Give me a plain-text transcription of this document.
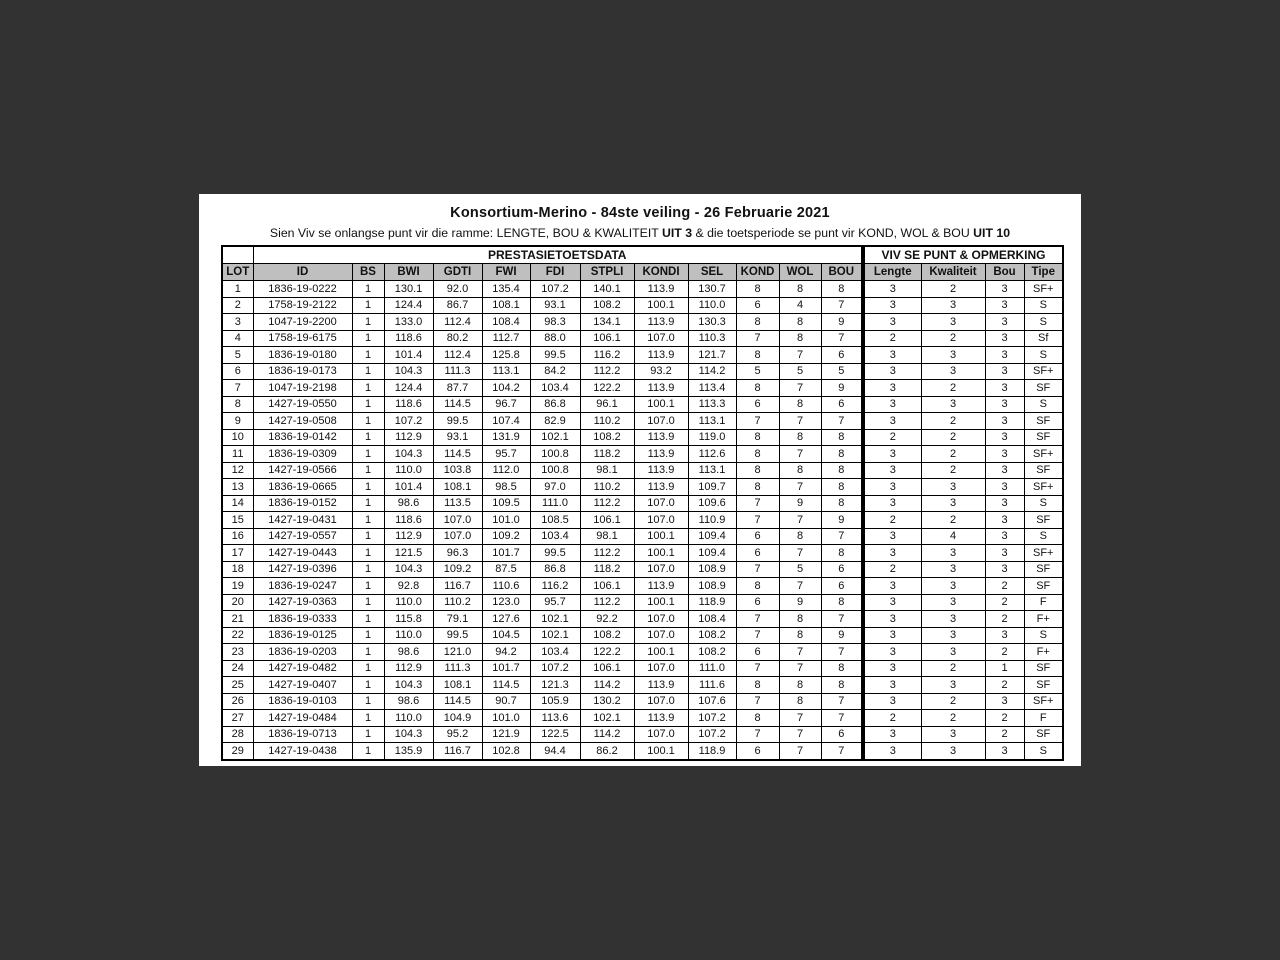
Konsortium-Merino - 84ste veiling - 26 Februarie 2021
Sien Viv se onlangse punt vir die ramme: LENGTE, BOU & KWALITEIT UIT 3 & die toetsperiode se punt vir KOND, WOL & BOU UIT 10
	PRESTASIETOETSDATA												VIV SE PUNT & OPMERKING			
LOT	ID	BS	BWI	GDTI	FWI	FDI	STPLI	KONDI	SEL	KOND	WOL	BOU	Lengte	Kwaliteit	Bou	Tipe
1	1836-19-0222	1	130.1	92.0	135.4	107.2	140.1	113.9	130.7	8	8	8	3	2	3	SF+
2	1758-19-2122	1	124.4	86.7	108.1	93.1	108.2	100.1	110.0	6	4	7	3	3	3	S
3	1047-19-2200	1	133.0	112.4	108.4	98.3	134.1	113.9	130.3	8	8	9	3	3	3	S
4	1758-19-6175	1	118.6	80.2	112.7	88.0	106.1	107.0	110.3	7	8	7	2	2	3	Sf
5	1836-19-0180	1	101.4	112.4	125.8	99.5	116.2	113.9	121.7	8	7	6	3	3	3	S
6	1836-19-0173	1	104.3	111.3	113.1	84.2	112.2	93.2	114.2	5	5	5	3	3	3	SF+
7	1047-19-2198	1	124.4	87.7	104.2	103.4	122.2	113.9	113.4	8	7	9	3	2	3	SF
8	1427-19-0550	1	118.6	114.5	96.7	86.8	96.1	100.1	113.3	6	8	6	3	3	3	S
9	1427-19-0508	1	107.2	99.5	107.4	82.9	110.2	107.0	113.1	7	7	7	3	2	3	SF
10	1836-19-0142	1	112.9	93.1	131.9	102.1	108.2	113.9	119.0	8	8	8	2	2	3	SF
11	1836-19-0309	1	104.3	114.5	95.7	100.8	118.2	113.9	112.6	8	7	8	3	2	3	SF+
12	1427-19-0566	1	110.0	103.8	112.0	100.8	98.1	113.9	113.1	8	8	8	3	2	3	SF
13	1836-19-0665	1	101.4	108.1	98.5	97.0	110.2	113.9	109.7	8	7	8	3	3	3	SF+
14	1836-19-0152	1	98.6	113.5	109.5	111.0	112.2	107.0	109.6	7	9	8	3	3	3	S
15	1427-19-0431	1	118.6	107.0	101.0	108.5	106.1	107.0	110.9	7	7	9	2	2	3	SF
16	1427-19-0557	1	112.9	107.0	109.2	103.4	98.1	100.1	109.4	6	8	7	3	4	3	S
17	1427-19-0443	1	121.5	96.3	101.7	99.5	112.2	100.1	109.4	6	7	8	3	3	3	SF+
18	1427-19-0396	1	104.3	109.2	87.5	86.8	118.2	107.0	108.9	7	5	6	2	3	3	SF
19	1836-19-0247	1	92.8	116.7	110.6	116.2	106.1	113.9	108.9	8	7	6	3	3	2	SF
20	1427-19-0363	1	110.0	110.2	123.0	95.7	112.2	100.1	118.9	6	9	8	3	3	2	F
21	1836-19-0333	1	115.8	79.1	127.6	102.1	92.2	107.0	108.4	7	8	7	3	3	2	F+
22	1836-19-0125	1	110.0	99.5	104.5	102.1	108.2	107.0	108.2	7	8	9	3	3	3	S
23	1836-19-0203	1	98.6	121.0	94.2	103.4	122.2	100.1	108.2	6	7	7	3	3	2	F+
24	1427-19-0482	1	112.9	111.3	101.7	107.2	106.1	107.0	111.0	7	7	8	3	2	1	SF
25	1427-19-0407	1	104.3	108.1	114.5	121.3	114.2	113.9	111.6	8	8	8	3	3	2	SF
26	1836-19-0103	1	98.6	114.5	90.7	105.9	130.2	107.0	107.6	7	8	7	3	2	3	SF+
27	1427-19-0484	1	110.0	104.9	101.0	113.6	102.1	113.9	107.2	8	7	7	2	2	2	F
28	1836-19-0713	1	104.3	95.2	121.9	122.5	114.2	107.0	107.2	7	7	6	3	3	2	SF
29	1427-19-0438	1	135.9	116.7	102.8	94.4	86.2	100.1	118.9	6	7	7	3	3	3	S
